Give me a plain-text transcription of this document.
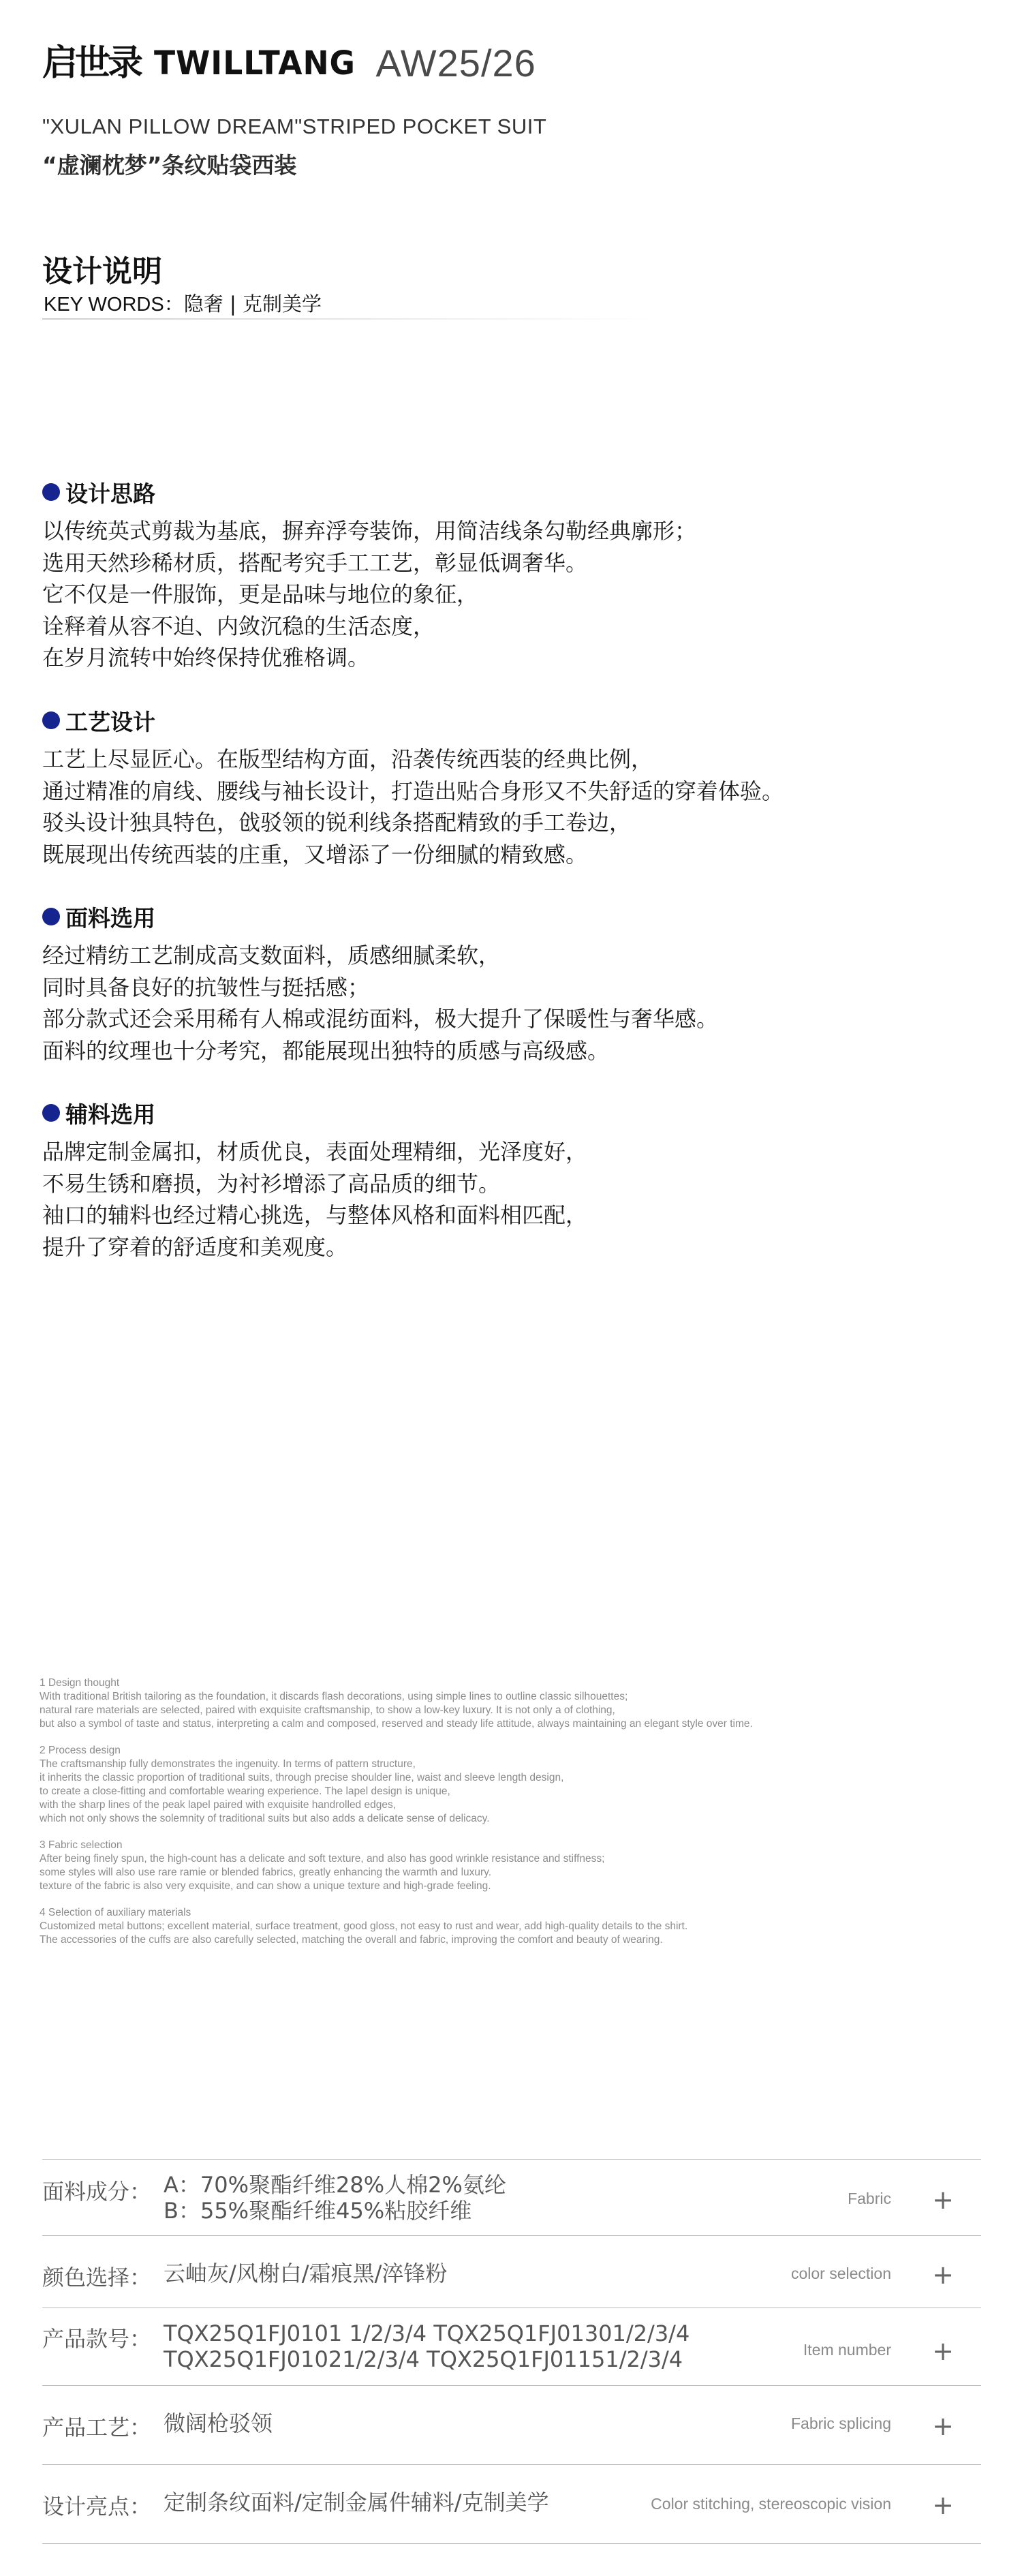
启世录 TWILLTANG AW25/26
"XULAN PILLOW DREAM"STRIPED POCKET SUIT
“虚澜枕梦”条纹贴袋西装
设计说明
KEY WORDS：隐奢 | 克制美学
设计思路
以传统英式剪裁为基底，摒弃浮夸装饰，用简洁线条勾勒经典廓形；
选用天然珍稀材质，搭配考究手工工艺，彰显低调奢华。
它不仅是一件服饰，更是品味与地位的象征，
诠释着从容不迫、内敛沉稳的生活态度，
在岁月流转中始终保持优雅格调。
工艺设计
工艺上尽显匠心。在版型结构方面，沿袭传统西装的经典比例，
通过精准的肩线、腰线与袖长设计，打造出贴合身形又不失舒适的穿着体验。
驳头设计独具特色，戗驳领的锐利线条搭配精致的手工卷边，
既展现出传统西装的庄重，又增添了一份细腻的精致感。
面料选用
经过精纺工艺制成高支数面料，质感细腻柔软，
同时具备良好的抗皱性与挺括感；
部分款式还会采用稀有人棉或混纺面料，极大提升了保暖性与奢华感。
面料的纹理也十分考究，都能展现出独特的质感与高级感。
辅料选用
品牌定制金属扣，材质优良，表面处理精细，光泽度好，
不易生锈和磨损，为衬衫增添了高品质的细节。
袖口的辅料也经过精心挑选，与整体风格和面料相匹配，
提升了穿着的舒适度和美观度。
1 Design thought
With traditional British tailoring as the foundation, it discards flash decorations, using simple lines to outline classic silhouettes;
natural rare materials are selected, paired with exquisite craftsmanship, to show a low-key luxury. It is not only a of clothing,
but also a symbol of taste and status, interpreting a calm and composed, reserved and steady life attitude, always maintaining an elegant style over time.
2 Process design
The craftsmanship fully demonstrates the ingenuity. In terms of pattern structure,
it inherits the classic proportion of traditional suits, through precise shoulder line, waist and sleeve length design,
to create a close-fitting and comfortable wearing experience. The lapel design is unique,
with the sharp lines of the peak lapel paired with exquisite handrolled edges,
which not only shows the solemnity of traditional suits but also adds a delicate sense of delicacy.
3 Fabric selection
After being finely spun, the high-count has a delicate and soft texture, and also has good wrinkle resistance and stiffness;
some styles will also use rare ramie or blended fabrics, greatly enhancing the warmth and luxury.
texture of the fabric is also very exquisite, and can show a unique texture and high-grade feeling.
4 Selection of auxiliary materials
Customized metal buttons; excellent material, surface treatment, good gloss, not easy to rust and wear, add high-quality details to the shirt.
The accessories of the cuffs are also carefully selected, matching the overall and fabric, improving the comfort and beauty of wearing.
面料成分： A：70%聚酯纤维28%人棉2%氨纶
B：55%聚酯纤维45%粘胶纤维	Fabric +
颜色选择： 云岫灰/风榭白/霜痕黑/淬锋粉	color selection +
产品款号： TQX25Q1FJ0101 1/2/3/4 TQX25Q1FJ01301/2/3/4
TQX25Q1FJ01021/2/3/4 TQX25Q1FJ01151/2/3/4	Item number +
产品工艺： 微阔枪驳领	Fabric splicing +
设计亮点： 定制条纹面料/定制金属件辅料/克制美学	Color stitching, stereoscopic vision +
